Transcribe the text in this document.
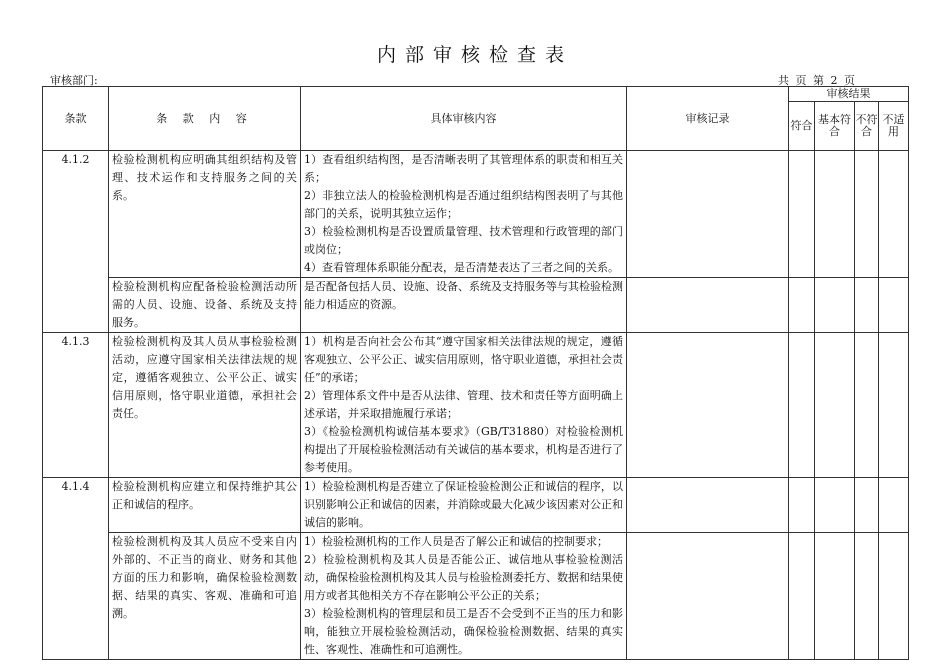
内部审核检查表
审核部门:	共 页 第 2 页
条款	条 款 内 容	具体审核内容	审核记录	审核结果			
				符合	基本符合	不符合	不适用
4.1.2	检验检测机构应明确其组织结构及管理、技术运作和支持服务之间的关系。	1）查看组织结构图，是否清晰表明了其管理体系的职责和相互关系；
2）非独立法人的检验检测机构是否通过组织结构图表明了与其他部门的关系，说明其独立运作；
3）检验检测机构是否设置质量管理、技术管理和行政管理的部门或岗位；
4）查看管理体系职能分配表，是否清楚表达了三者之间的关系。					
	检验检测机构应配备检验检测活动所需的人员、设施、设备、系统及支持服务。	是否配备包括人员、设施、设备、系统及支持服务等与其检验检测能力相适应的资源。					
4.1.3	检验检测机构及其人员从事检验检测活动，应遵守国家相关法律法规的规定，遵循客观独立、公平公正、诚实信用原则，恪守职业道德，承担社会责任。	1）机构是否向社会公布其“遵守国家相关法律法规的规定，遵循客观独立、公平公正、诚实信用原则，恪守职业道德，承担社会责任”的承诺；
2）管理体系文件中是否从法律、管理、技术和责任等方面明确上述承诺，并采取措施履行承诺；
3）《检验检测机构诚信基本要求》（GB/T31880）对检验检测机构提出了开展检验检测活动有关诚信的基本要求，机构是否进行了参考使用。					
4.1.4	检验检测机构应建立和保持维护其公正和诚信的程序。	1）检验检测机构是否建立了保证检验检测公正和诚信的程序，以识别影响公正和诚信的因素，并消除或最大化减少该因素对公正和诚信的影响。					
	检验检测机构及其人员应不受来自内外部的、不正当的商业、财务和其他方面的压力和影响，确保检验检测数据、结果的真实、客观、准确和可追溯。	1）检验检测机构的工作人员是否了解公正和诚信的控制要求；
2）检验检测机构及其人员是否能公正、诚信地从事检验检测活动，确保检验检测机构及其人员与检验检测委托方、数据和结果使用方或者其他相关方不存在影响公平公正的关系；
3）检验检测机构的管理层和员工是否不会受到不正当的压力和影响，能独立开展检验检测活动，确保检验检测数据、结果的真实性、客观性、准确性和可追溯性。					
